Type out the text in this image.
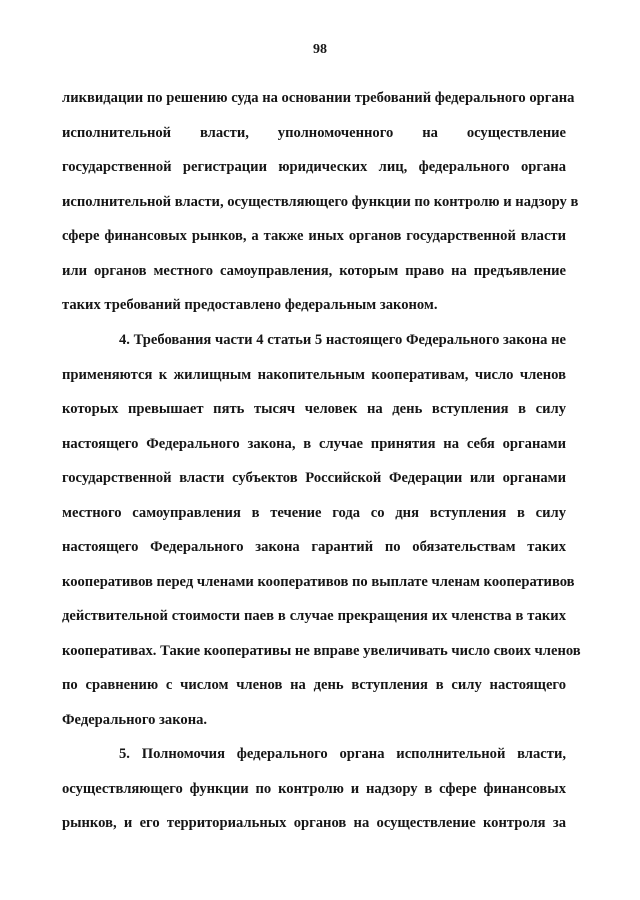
98
ликвидации по решению суда на основании требований федерального органа
исполнительной власти, уполномоченного на осуществление
государственной регистрации юридических лиц, федерального органа
исполнительной власти, осуществляющего функции по контролю и надзору в
сфере финансовых рынков, а также иных органов государственной власти
или органов местного самоуправления, которым право на предъявление
таких требований предоставлено федеральным законом.
4. Требования части 4 статьи 5 настоящего Федерального закона не
применяются к жилищным накопительным кооперативам, число членов
которых превышает пять тысяч человек на день вступления в силу
настоящего Федерального закона, в случае принятия на себя органами
государственной власти субъектов Российской Федерации или органами
местного самоуправления в течение года со дня вступления в силу
настоящего Федерального закона гарантий по обязательствам таких
кооперативов перед членами кооперативов по выплате членам кооперативов
действительной стоимости паев в случае прекращения их членства в таких
кооперативах. Такие кооперативы не вправе увеличивать число своих членов
по сравнению с числом членов на день вступления в силу настоящего
Федерального закона.
5. Полномочия федерального органа исполнительной власти,
осуществляющего функции по контролю и надзору в сфере финансовых
рынков, и его территориальных органов на осуществление контроля за
